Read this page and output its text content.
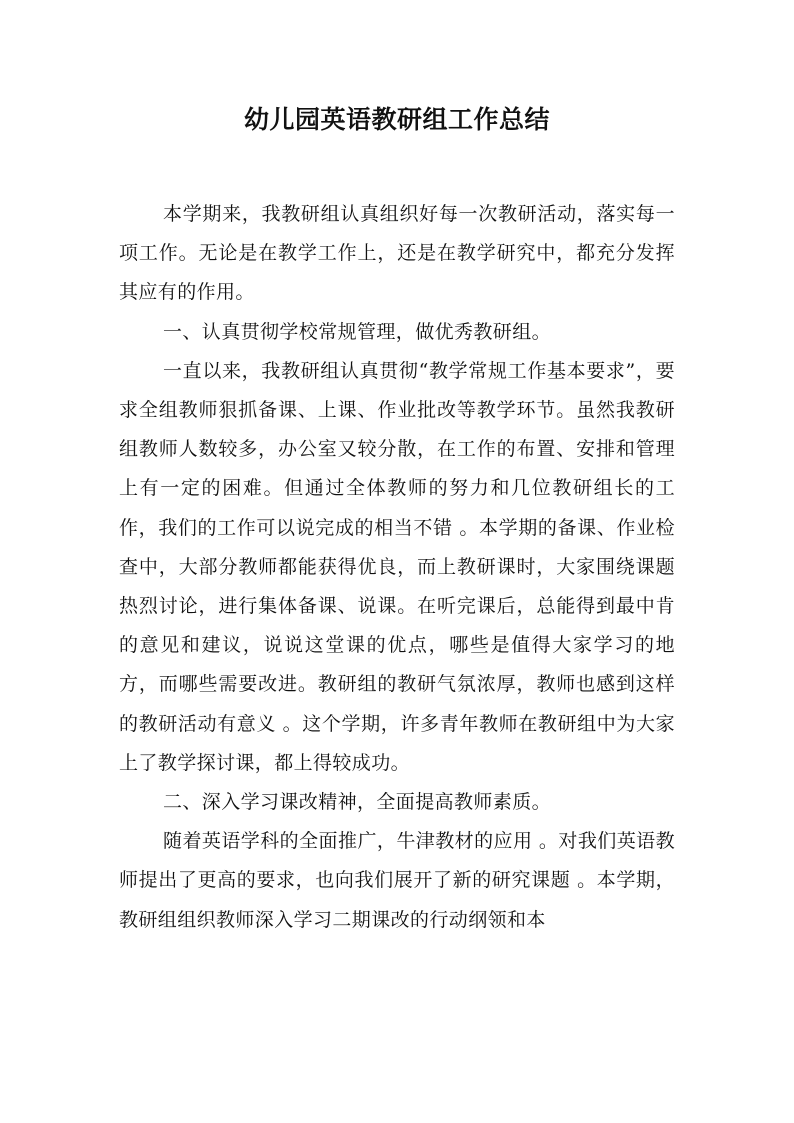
幼儿园英语教研组工作总结

本学期来，我教研组认真组织好每一次教研活动，落实每一项工作。无论是在教学工作上，还是在教学研究中，都充分发挥其应有的作用。

一、认真贯彻学校常规管理，做优秀教研组。

一直以来，我教研组认真贯彻“教学常规工作基本要求”，要求全组教师狠抓备课、上课、作业批改等教学环节。虽然我教研组教师人数较多，办公室又较分散，在工作的布置、安排和管理上有一定的困难。但通过全体教师的努力和几位教研组长的工作，我们的工作可以说完成的相当不错 。本学期的备课、作业检查中，大部分教师都能获得优良，而上教研课时，大家围绕课题热烈讨论，进行集体备课、说课。在听完课后，总能得到最中肯的意见和建议，说说这堂课的优点，哪些是值得大家学习的地方，而哪些需要改进。教研组的教研气氛浓厚，教师也感到这样的教研活动有意义 。这个学期，许多青年教师在教研组中为大家上了教学探讨课，都上得较成功。

二、深入学习课改精神，全面提高教师素质。

随着英语学科的全面推广，牛津教材的应用 。对我们英语教师提出了更高的要求，也向我们展开了新的研究课题 。本学期，教研组组织教师深入学习二期课改的行动纲领和本
